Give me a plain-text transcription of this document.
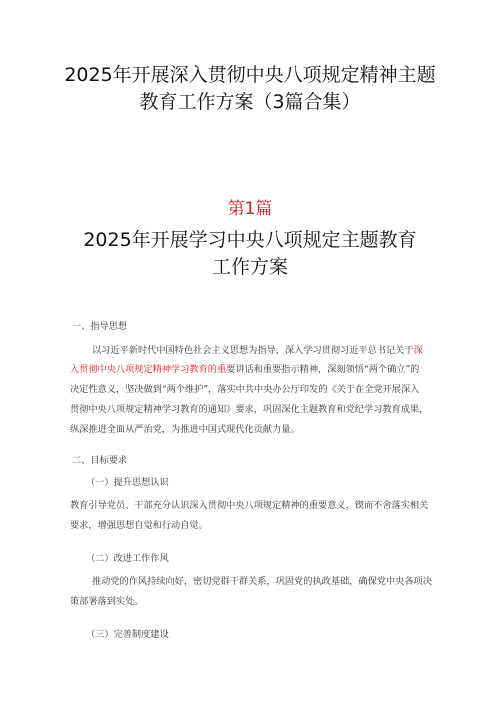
2025年开展深入贯彻中央八项规定精神主题
教育工作方案（3篇合集）
第1篇
2025年开展学习中央八项规定主题教育
工作方案
一、指导思想
以习近平新时代中国特色社会主义思想为指导，深入学习贯彻习近平总书记关于深
入贯彻中央八项规定精神学习教育的重要讲话和重要指示精神，深刻领悟“两个确立”的
决定性意义，坚决做到“两个维护”，落实中共中央办公厅印发的《关于在全党开展深入
贯彻中央八项规定精神学习教育的通知》要求，巩固深化主题教育和党纪学习教育成果，
纵深推进全面从严治党，为推进中国式现代化贡献力量。
二、目标要求
（一）提升思想认识
教育引导党员、干部充分认识深入贯彻中央八项规定精神的重要意义，锲而不舍落实相关
要求，增强思想自觉和行动自觉。
（二）改进工作作风
推动党的作风持续向好，密切党群干群关系，巩固党的执政基础，确保党中央各项决
策部署落到实处。
（三）完善制度建设
